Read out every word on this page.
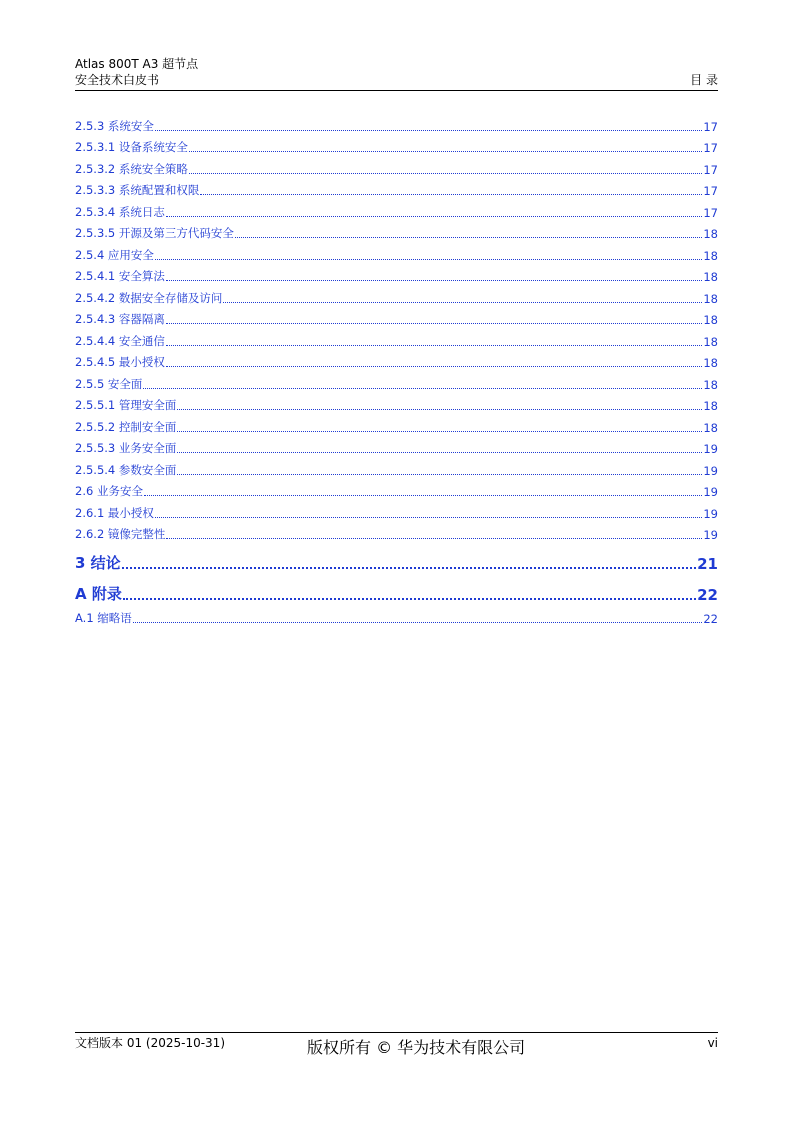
Atlas 800T A3 超节点
安全技术白皮书	目 录
2.5.3 系统安全	17
2.5.3.1 设备系统安全	17
2.5.3.2 系统安全策略	17
2.5.3.3 系统配置和权限	17
2.5.3.4 系统日志	17
2.5.3.5 开源及第三方代码安全	18
2.5.4 应用安全	18
2.5.4.1 安全算法	18
2.5.4.2 数据安全存储及访问	18
2.5.4.3 容器隔离	18
2.5.4.4 安全通信	18
2.5.4.5 最小授权	18
2.5.5 安全面	18
2.5.5.1 管理安全面	18
2.5.5.2 控制安全面	18
2.5.5.3 业务安全面	19
2.5.5.4 参数安全面	19
2.6 业务安全	19
2.6.1 最小授权	19
2.6.2 镜像完整性	19
3 结论	21
A 附录	22
A.1 缩略语	22
文档版本 01 (2025-10-31)	vi
版权所有 © 华为技术有限公司
